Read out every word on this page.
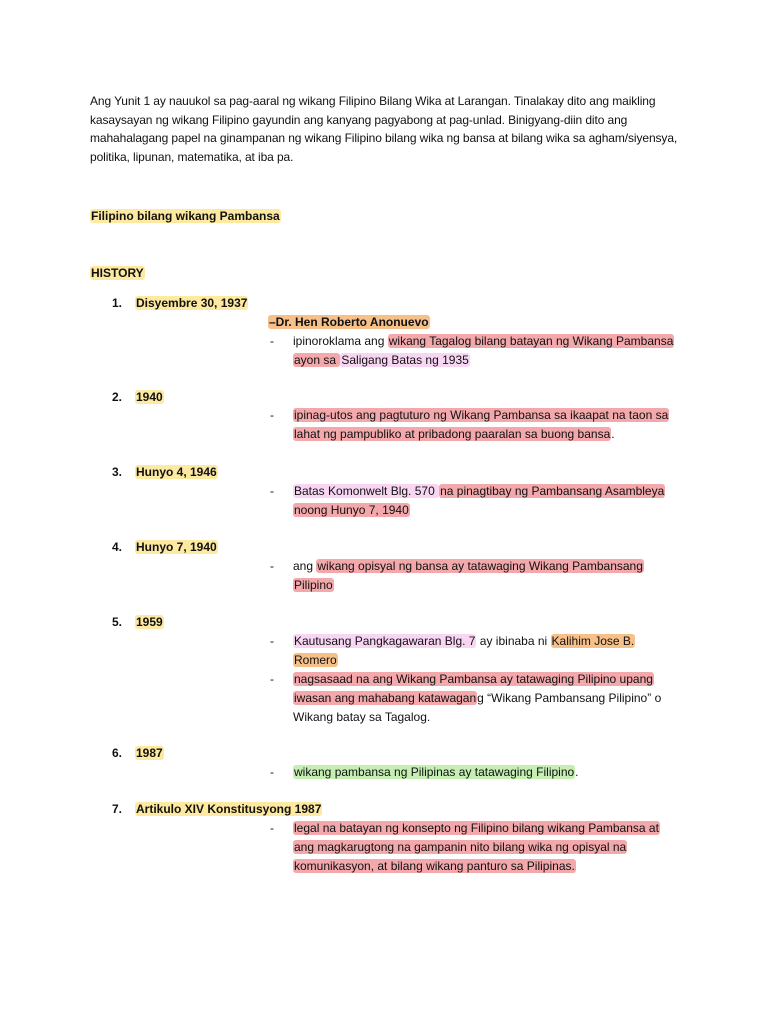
Ang Yunit 1 ay nauukol sa pag-aaral ng wikang Filipino Bilang Wika at Larangan. Tinalakay dito ang maikling kasaysayan ng wikang Filipino gayundin ang kanyang pagyabong at pag-unlad. Binigyang-diin dito ang mahahalagang papel na ginampanan ng wikang Filipino bilang wika ng bansa at bilang wika sa agham/siyensya, politika, lipunan, matematika, at iba pa.
Filipino bilang wikang Pambansa
HISTORY
1. Disyembre 30, 1937
–Dr. Hen Roberto Anonuevo
- ipinoroklama ang wikang Tagalog bilang batayan ng Wikang Pambansa ayon sa Saligang Batas ng 1935
2. 1940
- ipinag-utos ang pagtuturo ng Wikang Pambansa sa ikaapat na taon sa lahat ng pampubliko at pribadong paaralan sa buong bansa.
3. Hunyo 4, 1946
- Batas Komonwelt Blg. 570 na pinagtibay ng Pambansang Asambleya noong Hunyo 7, 1940
4. Hunyo 7, 1940
- ang wikang opisyal ng bansa ay tatawaging Wikang Pambansang Pilipino
5. 1959
- Kautusang Pangkagawaran Blg. 7 ay ibinaba ni Kalihim Jose B. Romero
- nagsasaad na ang Wikang Pambansa ay tatawaging Pilipino upang iwasan ang mahabang katawagang “Wikang Pambansang Pilipino” o Wikang batay sa Tagalog.
6. 1987
- wikang pambansa ng Pilipinas ay tatawaging Filipino.
7. Artikulo XIV Konstitusyong 1987
- legal na batayan ng konsepto ng Filipino bilang wikang Pambansa at ang magkarugtong na gampanin nito bilang wika ng opisyal na komunikasyon, at bilang wikang panturo sa Pilipinas.
